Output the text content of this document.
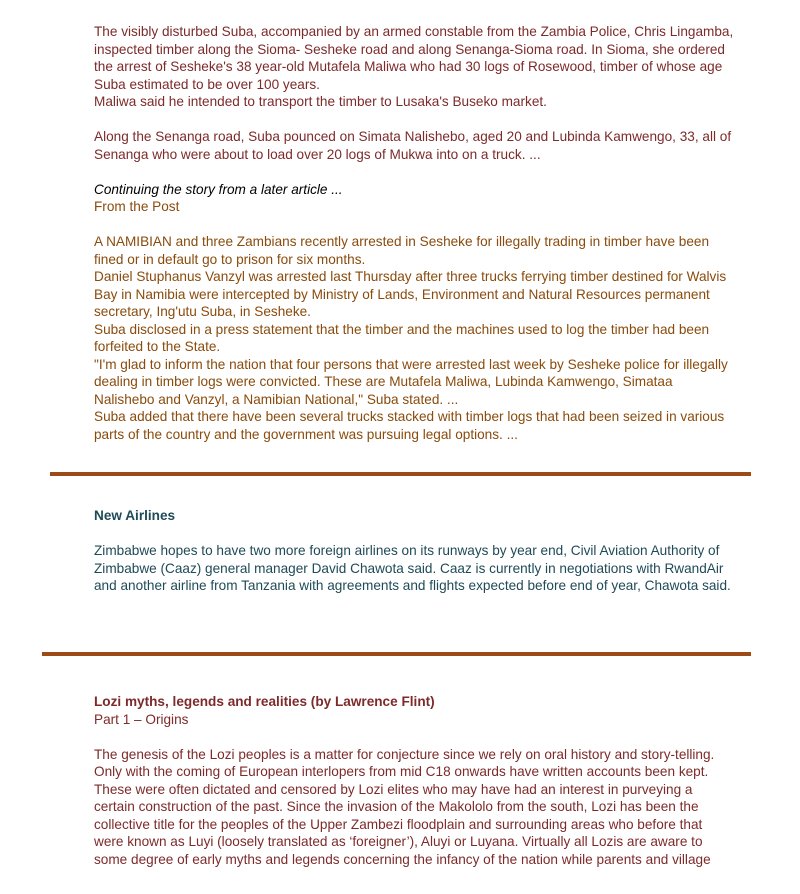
The visibly disturbed Suba, accompanied by an armed constable from the Zambia Police, Chris Lingamba, inspected timber along the Sioma- Sesheke road and along Senanga-Sioma road. In Sioma, she ordered the arrest of Sesheke's 38 year-old Mutafela Maliwa who had 30 logs of Rosewood, timber of whose age Suba estimated to be over 100 years.

Maliwa said he intended to transport the timber to Lusaka's Buseko market.

Along the Senanga road, Suba pounced on Simata Nalishebo, aged 20 and Lubinda Kamwengo, 33, all of Senanga who were about to load over 20 logs of Mukwa into on a truck. ...

Continuing the story from a later article ...

From the Post

A NAMIBIAN and three Zambians recently arrested in Sesheke for illegally trading in timber have been fined or in default go to prison for six months.

Daniel Stuphanus Vanzyl was arrested last Thursday after three trucks ferrying timber destined for Walvis Bay in Namibia were intercepted by Ministry of Lands, Environment and Natural Resources permanent secretary, Ing'utu Suba, in Sesheke.

Suba disclosed in a press statement that the timber and the machines used to log the timber had been forfeited to the State.

"I'm glad to inform the nation that four persons that were arrested last week by Sesheke police for illegally dealing in timber logs were convicted. These are Mutafela Maliwa, Lubinda Kamwengo, Simataa Nalishebo and Vanzyl, a Namibian National," Suba stated. ...

Suba added that there have been several trucks stacked with timber logs that had been seized in various parts of the country and the government was pursuing legal options. ...

New Airlines

Zimbabwe hopes to have two more foreign airlines on its runways by year end, Civil Aviation Authority of Zimbabwe (Caaz) general manager David Chawota said. Caaz is currently in negotiations with RwandAir and another airline from Tanzania with agreements and flights expected before end of year, Chawota said.

Lozi myths, legends and realities (by Lawrence Flint)

Part 1 – Origins

The genesis of the Lozi peoples is a matter for conjecture since we rely on oral history and story-telling. Only with the coming of European interlopers from mid C18 onwards have written accounts been kept. These were often dictated and censored by Lozi elites who may have had an interest in purveying a certain construction of the past. Since the invasion of the Makololo from the south, Lozi has been the collective title for the peoples of the Upper Zambezi floodplain and surrounding areas who before that were known as Luyi (loosely translated as ‘foreigner’), Aluyi or Luyana. Virtually all Lozis are aware to some degree of early myths and legends concerning the infancy of the nation while parents and village
